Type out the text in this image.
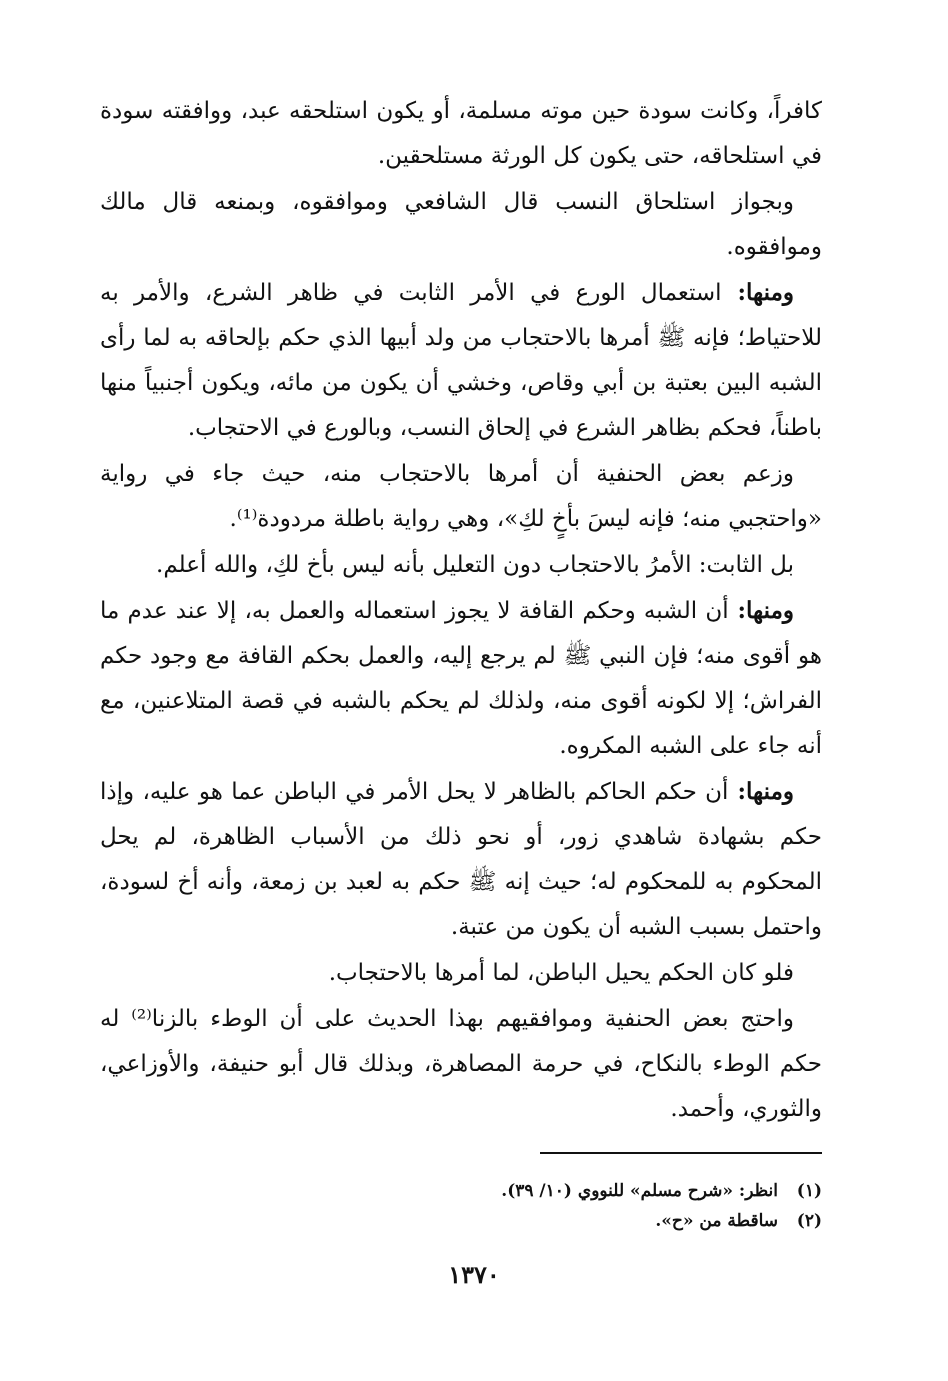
كافراً، وكانت سودة حين موته مسلمة، أو يكون استلحقه عبد، ووافقته سودة في استلحاقه، حتى يكون كل الورثة مستلحقين.

وبجواز استلحاق النسب قال الشافعي وموافقوه، وبمنعه قال مالك وموافقوه.

ومنها: استعمال الورع في الأمر الثابت في ظاهر الشرع، والأمر به للاحتياط؛ فإنه ﷺ أمرها بالاحتجاب من ولد أبيها الذي حكم بإلحاقه به لما رأى الشبه البين بعتبة بن أبي وقاص، وخشي أن يكون من مائه، ويكون أجنبياً منها باطناً، فحكم بظاهر الشرع في إلحاق النسب، وبالورع في الاحتجاب.

وزعم بعض الحنفية أن أمرها بالاحتجاب منه، حيث جاء في رواية «واحتجبي منه؛ فإنه ليسَ بأخٍ لكِ»، وهي رواية باطلة مردودة⁽¹⁾.

بل الثابت: الأمرُ بالاحتجاب دون التعليل بأنه ليس بأخ لكِ، والله أعلم.

ومنها: أن الشبه وحكم القافة لا يجوز استعماله والعمل به، إلا عند عدم ما هو أقوى منه؛ فإن النبي ﷺ لم يرجع إليه، والعمل بحكم القافة مع وجود حكم الفراش؛ إلا لكونه أقوى منه، ولذلك لم يحكم بالشبه في قصة المتلاعنين، مع أنه جاء على الشبه المكروه.

ومنها: أن حكم الحاكم بالظاهر لا يحل الأمر في الباطن عما هو عليه، وإذا حكم بشهادة شاهدي زور، أو نحو ذلك من الأسباب الظاهرة، لم يحل المحكوم به للمحكوم له؛ حيث إنه ﷺ حكم به لعبد بن زمعة، وأنه أخ لسودة، واحتمل بسبب الشبه أن يكون من عتبة.

فلو كان الحكم يحيل الباطن، لما أمرها بالاحتجاب.

واحتج بعض الحنفية وموافقيهم بهذا الحديث على أن الوطء بالزنا⁽²⁾ له حكم الوطء بالنكاح، في حرمة المصاهرة، وبذلك قال أبو حنيفة، والأوزاعي، والثوري، وأحمد.

(١)
انظر: «شرح مسلم» للنووي (١٠/ ٣٩).
(٢)
ساقطة من «ح».
١٣٧٠
